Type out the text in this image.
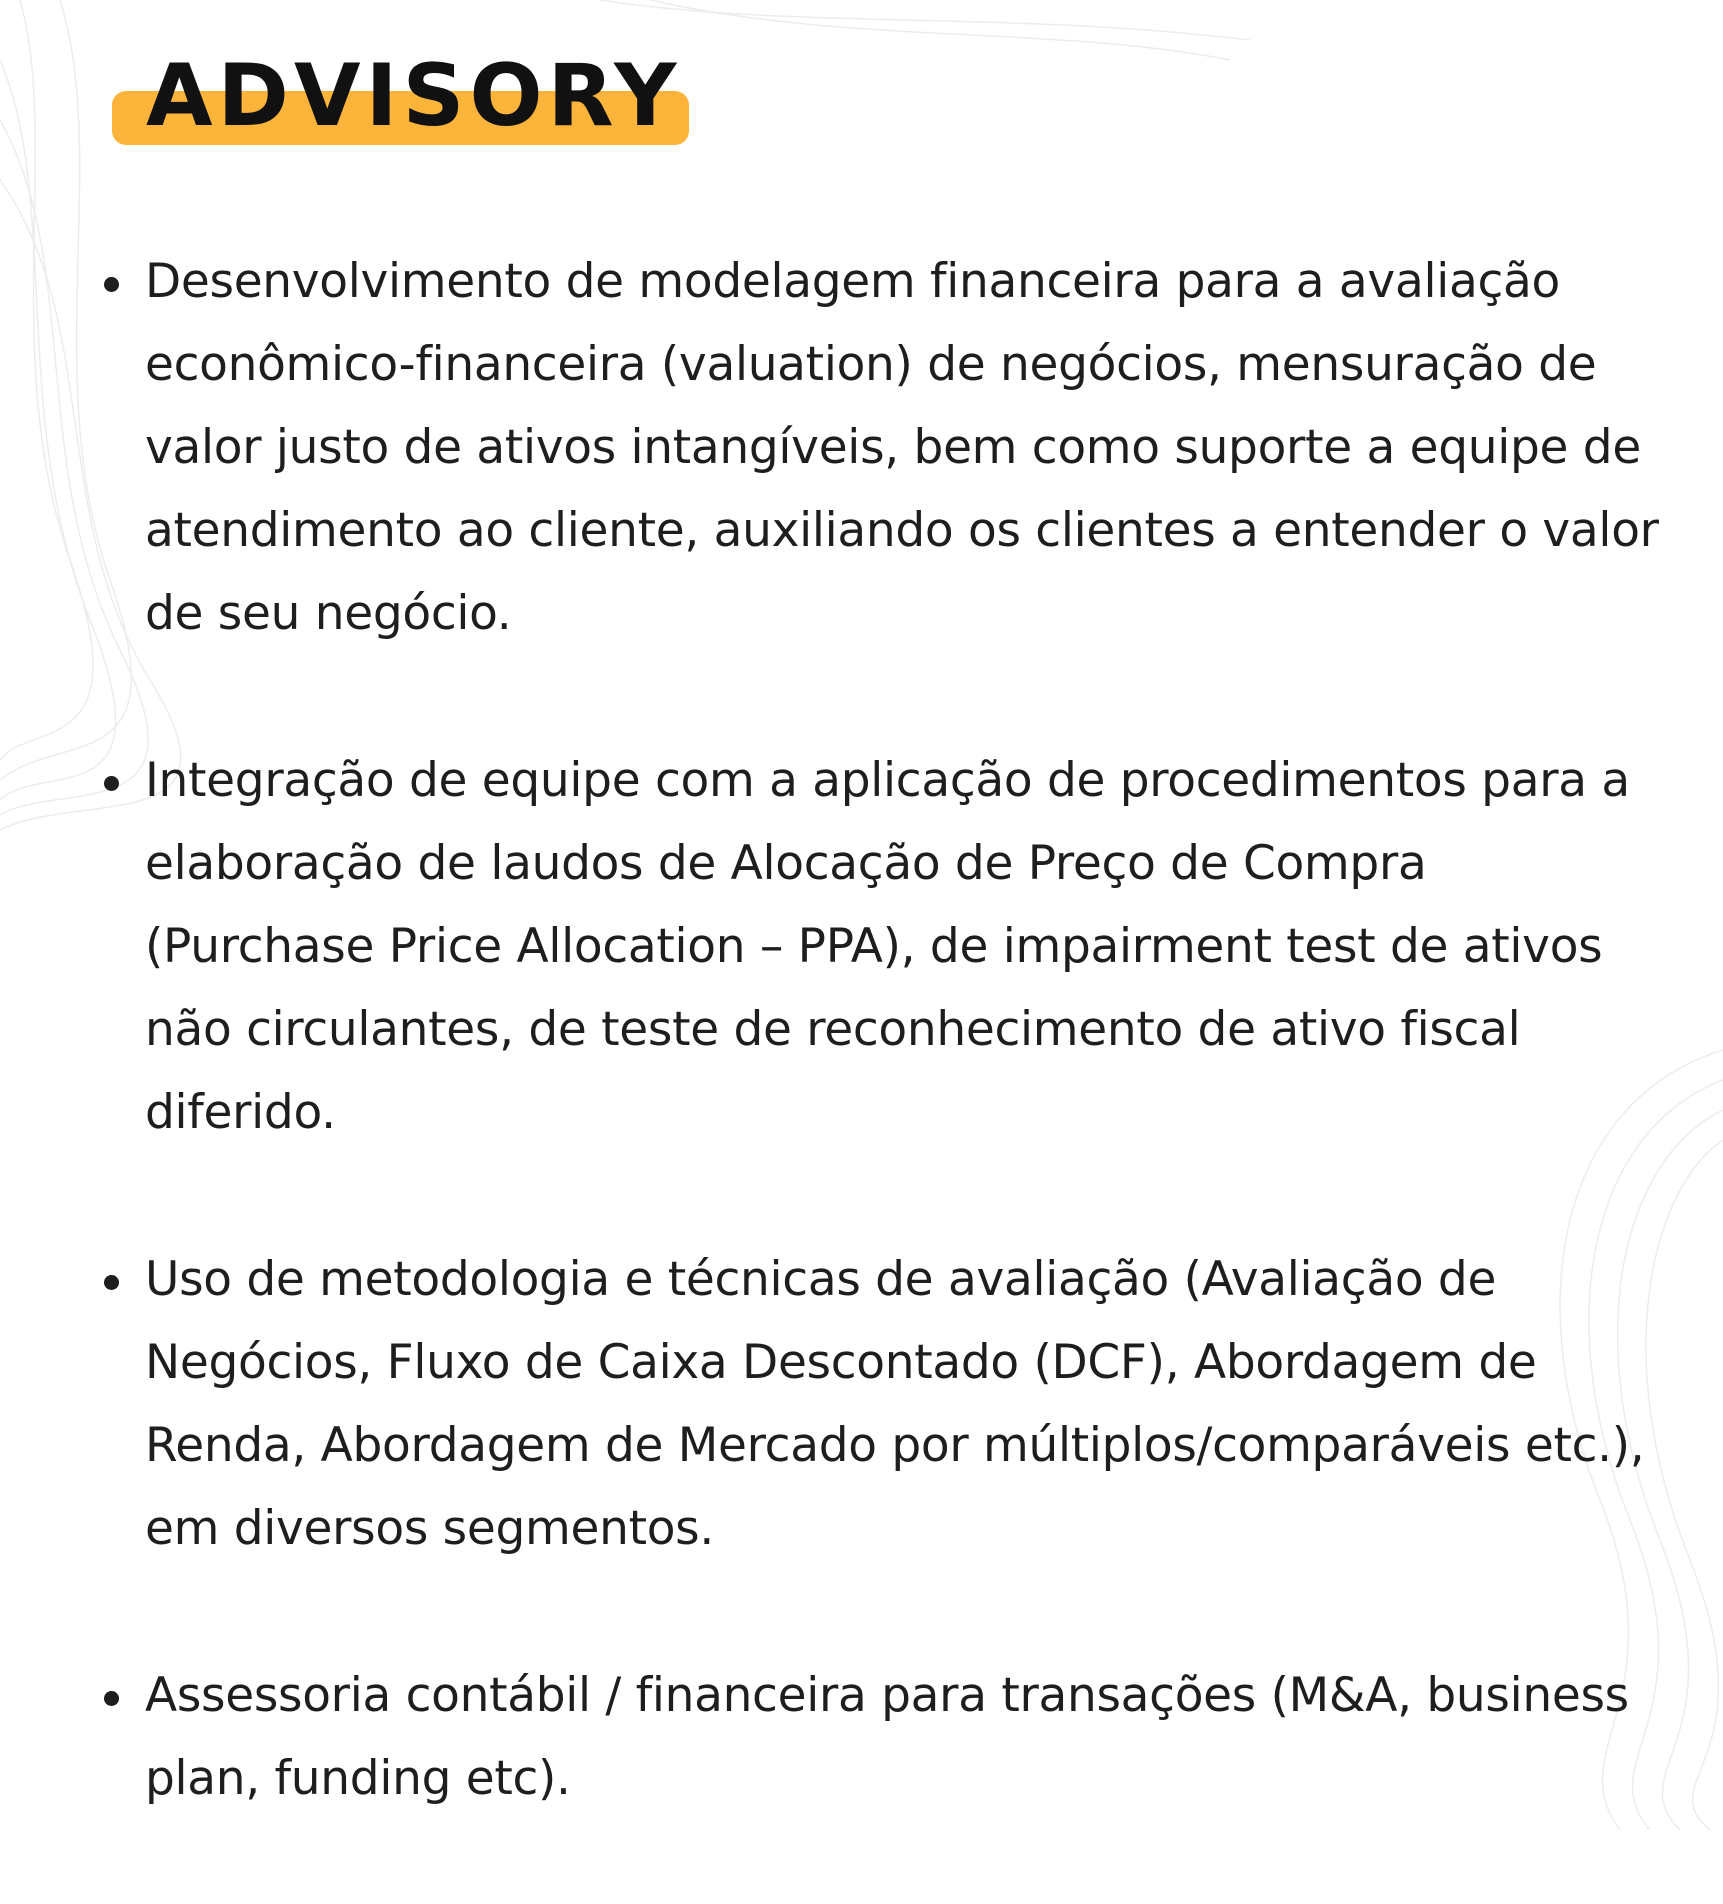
ADVISORY
Desenvolvimento de modelagem financeira para a avaliação econômico-financeira (valuation) de negócios, mensuração de valor justo de ativos intangíveis, bem como suporte a equipe de atendimento ao cliente, auxiliando os clientes a entender o valor de seu negócio.
Integração de equipe com a aplicação de procedimentos para a elaboração de laudos de Alocação de Preço de Compra (Purchase Price Allocation – PPA), de impairment test de ativos não circulantes, de teste de reconhecimento de ativo fiscal diferido.
Uso de metodologia e técnicas de avaliação (Avaliação de Negócios, Fluxo de Caixa Descontado (DCF), Abordagem de Renda, Abordagem de Mercado por múltiplos/comparáveis etc.), em diversos segmentos.
Assessoria contábil / financeira para transações (M&A, business plan, funding etc).
